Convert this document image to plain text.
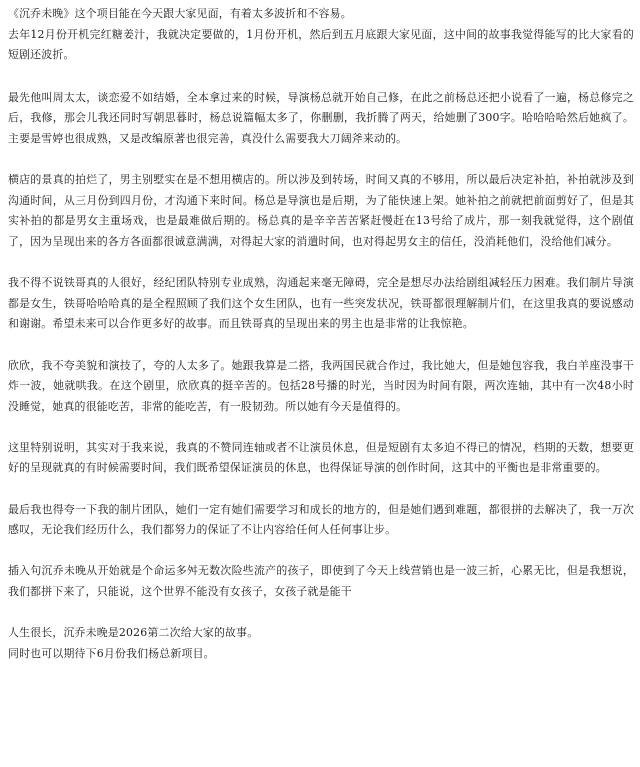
《沉乔未晚》这个项目能在今天跟大家见面，有着太多波折和不容易。

去年12月份开机完红糖姜汁，我就决定要做的，1月份开机，然后到五月底跟大家见面，这中间的故事我觉得能写的比大家看的短剧还波折。

最先他叫周太太，谈恋爱不如结婚，全本拿过来的时候，导演杨总就开始自己修，在此之前杨总还把小说看了一遍，杨总修完之后，我修，那会儿我还同时写朝思暮时，杨总说篇幅太多了，你删删，我折腾了两天，给她删了300字。哈哈哈哈然后她疯了。主要是雪婷也很成熟，又是改编原著也很完善，真没什么需要我大刀阔斧来动的。

横店的景真的拍烂了，男主别墅实在是不想用横店的。所以涉及到转场，时间又真的不够用，所以最后决定补拍，补拍就涉及到沟通时间，从三月份到四月份，才沟通下来时间。杨总是导演也是后期，为了能快速上架。她补拍之前就把前面剪好了，但是其实补拍的都是男女主重场戏，也是最难做后期的。杨总真的是辛辛苦苦紧赶慢赶在13号给了成片，那一刻我就觉得，这个剧值了，因为呈现出来的各方各面都很诚意满满，对得起大家的消遣时间，也对得起男女主的信任，没消耗他们，没给他们减分。

我不得不说铁哥真的人很好，经纪团队特别专业成熟，沟通起来毫无障碍，完全是想尽办法给剧组减轻压力困难。我们制片导演都是女生，铁哥哈哈哈真的是全程照顾了我们这个女生团队，也有一些突发状况，铁哥都很理解制片们，在这里我真的要说感动和谢谢。希望未来可以合作更多好的故事。而且铁哥真的呈现出来的男主也是非常的让我惊艳。

欣欣，我不夸美貌和演技了，夸的人太多了。她跟我算是二搭，我两国民就合作过，我比她大，但是她包容我，我白羊座没事干炸一波，她就哄我。在这个剧里，欣欣真的挺辛苦的。包括28号播的时光，当时因为时间有限，两次连轴，其中有一次48小时没睡觉，她真的很能吃苦，非常的能吃苦，有一股韧劲。所以她有今天是值得的。

这里特别说明，其实对于我来说，我真的不赞同连轴或者不让演员休息，但是短剧有太多迫不得已的情况，档期的天数，想要更好的呈现就真的有时候需要时间，我们既希望保证演员的休息，也得保证导演的创作时间，这其中的平衡也是非常重要的。

最后我也得夸一下我的制片团队，她们一定有她们需要学习和成长的地方的，但是她们遇到难题，都很拼的去解决了，我一万次感叹，无论我们经历什么，我们都努力的保证了不让内容给任何人任何事让步。

插入句沉乔未晚从开始就是个命运多舛无数次险些流产的孩子，即使到了今天上线营销也是一波三折，心累无比，但是我想说，我们都拼下来了，只能说，这个世界不能没有女孩子，女孩子就是能干

人生很长，沉乔未晚是2026第二次给大家的故事。

同时也可以期待下6月份我们杨总新项目。
